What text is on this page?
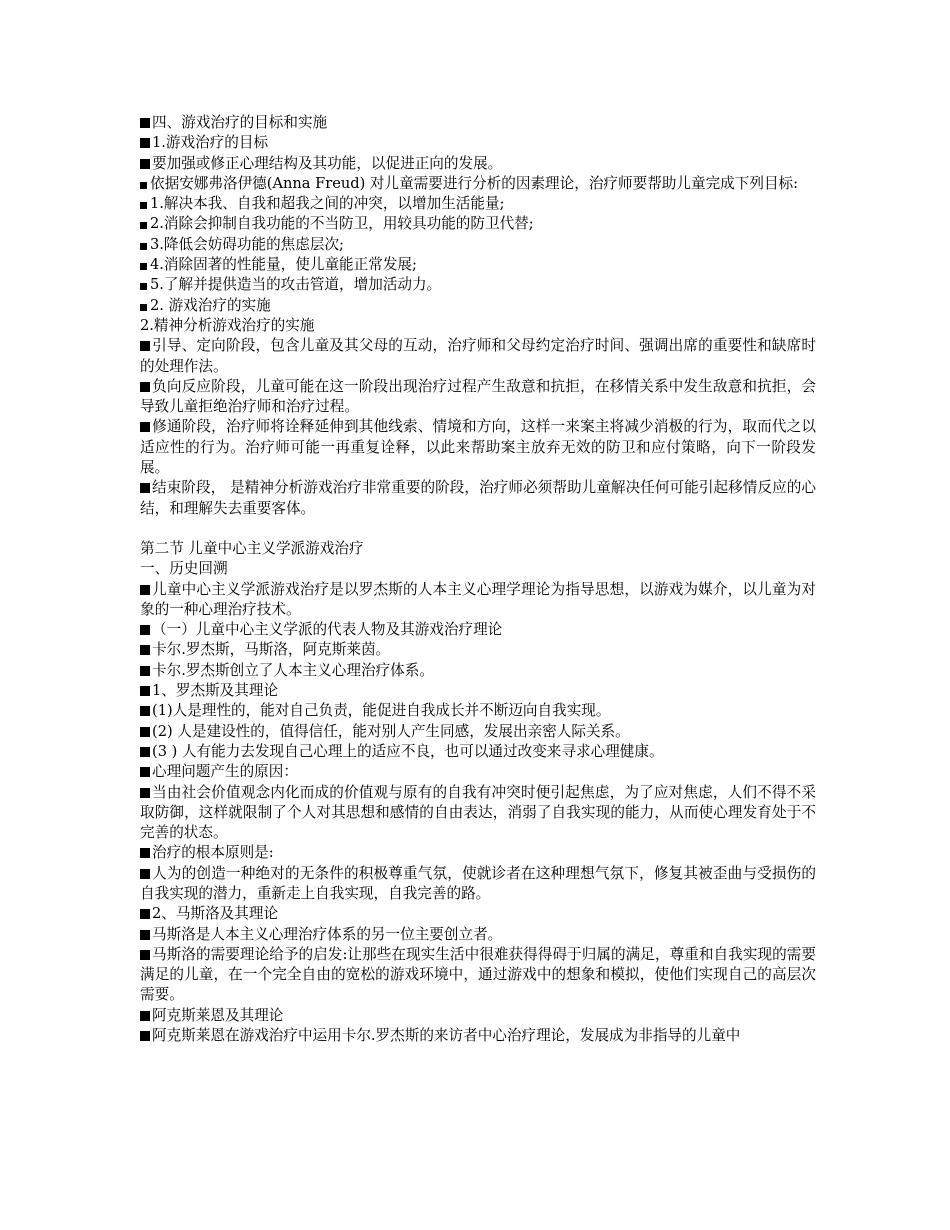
四、游戏治疗的目标和实施
1.游戏治疗的目标
要加强或修正心理结构及其功能，以促进正向的发展。
依据安娜弗洛伊德(Anna Freud) 对儿童需要进行分析的因素理论，治疗师要帮助儿童完成下列目标:
1.解决本我、自我和超我之间的冲突，以增加生活能量;
2.消除会抑制自我功能的不当防卫，用较具功能的防卫代替;
3.降低会妨碍功能的焦虑层次;
4.消除固著的性能量，使儿童能正常发展;
5.了解并提供造当的攻击管道，增加活动力。
2. 游戏治疗的实施
2.精神分析游戏治疗的实施
引导、定向阶段，包含儿童及其父母的互动，治疗师和父母约定治疗时间、强调出席的重要性和缺席时的处理作法。
负向反应阶段，儿童可能在这一阶段出现治疗过程产生敌意和抗拒，在移情关系中发生敌意和抗拒，会导致儿童拒绝治疗师和治疗过程。
修通阶段，治疗师将诠释延伸到其他线索、情境和方向，这样一来案主将减少消极的行为，取而代之以适应性的行为。治疗师可能一再重复诠释，以此来帮助案主放弃无效的防卫和应付策略，向下一阶段发展。
结束阶段， 是精神分析游戏治疗非常重要的阶段，治疗师必须帮助儿童解决任何可能引起移情反应的心结，和理解失去重要客体。
第二节 儿童中心主义学派游戏治疗
一、历史回溯
儿童中心主义学派游戏治疗是以罗杰斯的人本主义心理学理论为指导思想，以游戏为媒介，以儿童为对象的一种心理治疗技术。
（一）儿童中心主义学派的代表人物及其游戏治疗理论
卡尔.罗杰斯，马斯洛，阿克斯莱茵。
卡尔.罗杰斯创立了人本主义心理治疗体系。
1、罗杰斯及其理论
(1)人是理性的，能对自己负责，能促进自我成长并不断迈向自我实现。
(2) 人是建设性的，值得信任，能对别人产生同感，发展出亲密人际关系。
(3 ) 人有能力去发现自己心理上的适应不良，也可以通过改变来寻求心理健康。
心理问题产生的原因：
当由社会价值观念内化而成的价值观与原有的自我有冲突时便引起焦虑，为了应对焦虑，人们不得不采取防御，这样就限制了个人对其思想和感情的自由表达，消弱了自我实现的能力，从而使心理发育处于不完善的状态。
治疗的根本原则是:
人为的创造一种绝对的无条件的积极尊重气氛，使就诊者在这种理想气氛下，修复其被歪曲与受损伤的自我实现的潜力，重新走上自我实现，自我完善的路。
2、马斯洛及其理论
马斯洛是人本主义心理治疗体系的另一位主要创立者。
马斯洛的需要理论给予的启发:让那些在现实生活中很难获得得碍于归属的满足，尊重和自我实现的需要满足的儿童，在一个完全自由的宽松的游戏环境中，通过游戏中的想象和模拟，使他们实现自己的高层次需要。
阿克斯莱恩及其理论
阿克斯莱恩在游戏治疗中运用卡尔.罗杰斯的来访者中心治疗理论，发展成为非指导的儿童中
